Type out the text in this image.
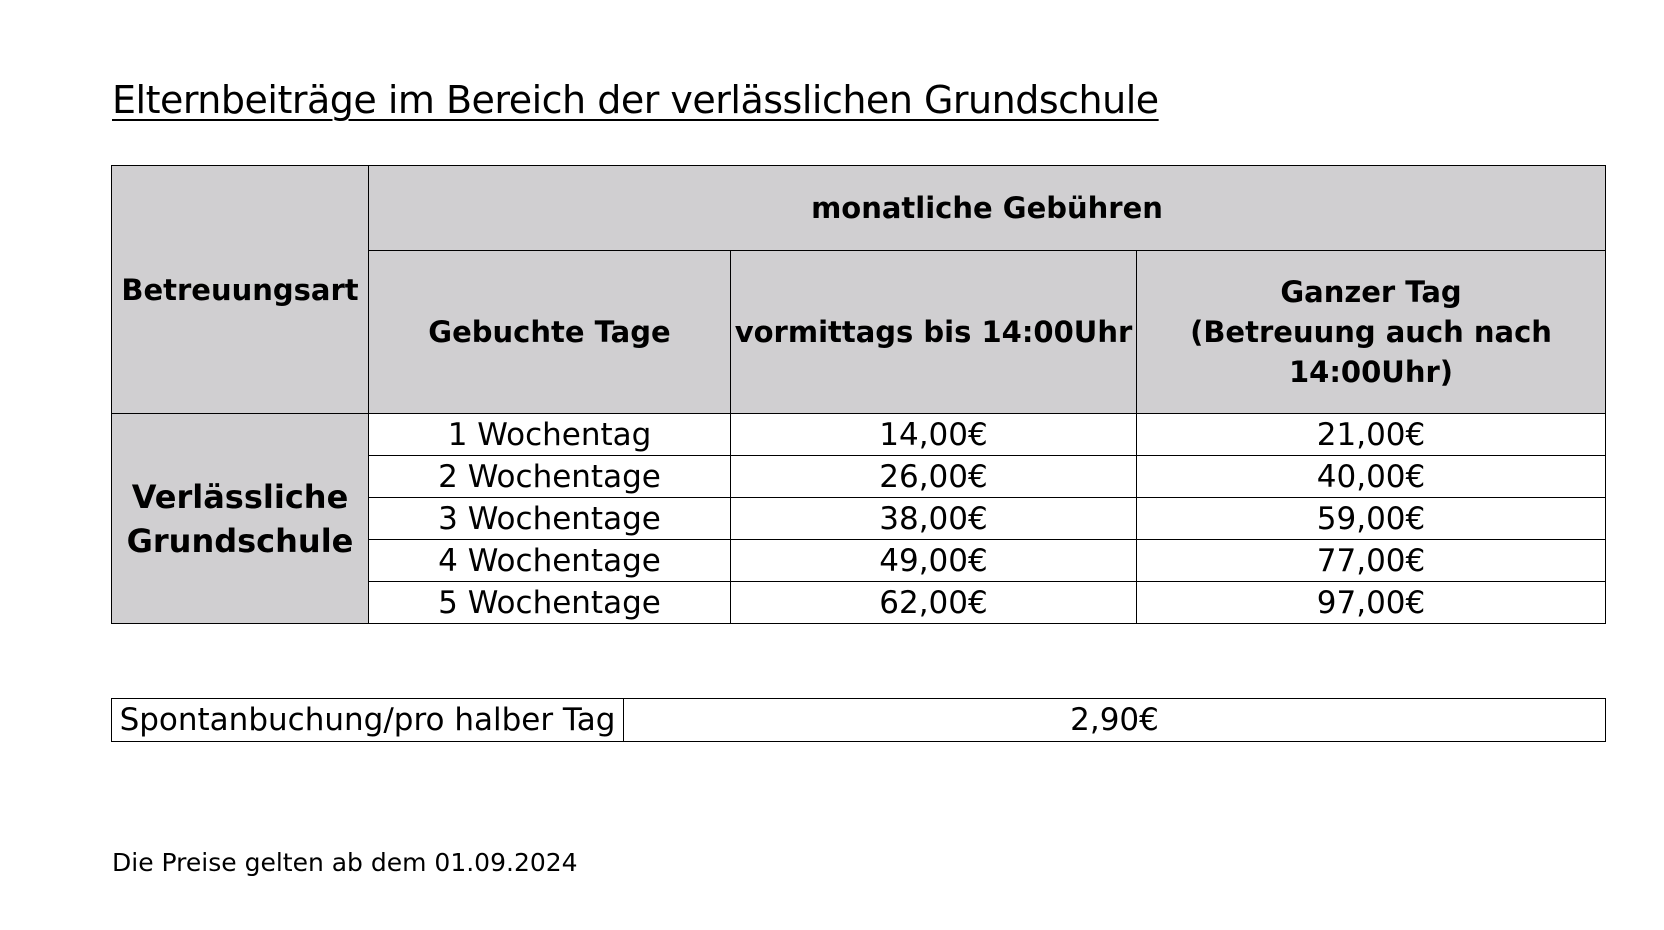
Elternbeiträge im Bereich der verlässlichen Grundschule
Betreuungsart	monatliche Gebühren		
	Gebuchte Tage	vormittags bis 14:00Uhr	Ganzer Tag
(Betreuung auch nach
14:00Uhr)
Verlässliche
Grundschule	1 Wochentag	14,00€	21,00€
	2 Wochentage	26,00€	40,00€
	3 Wochentage	38,00€	59,00€
	4 Wochentage	49,00€	77,00€
	5 Wochentage	62,00€	97,00€
Spontanbuchung/pro halber Tag	2,90€
Die Preise gelten ab dem 01.09.2024
